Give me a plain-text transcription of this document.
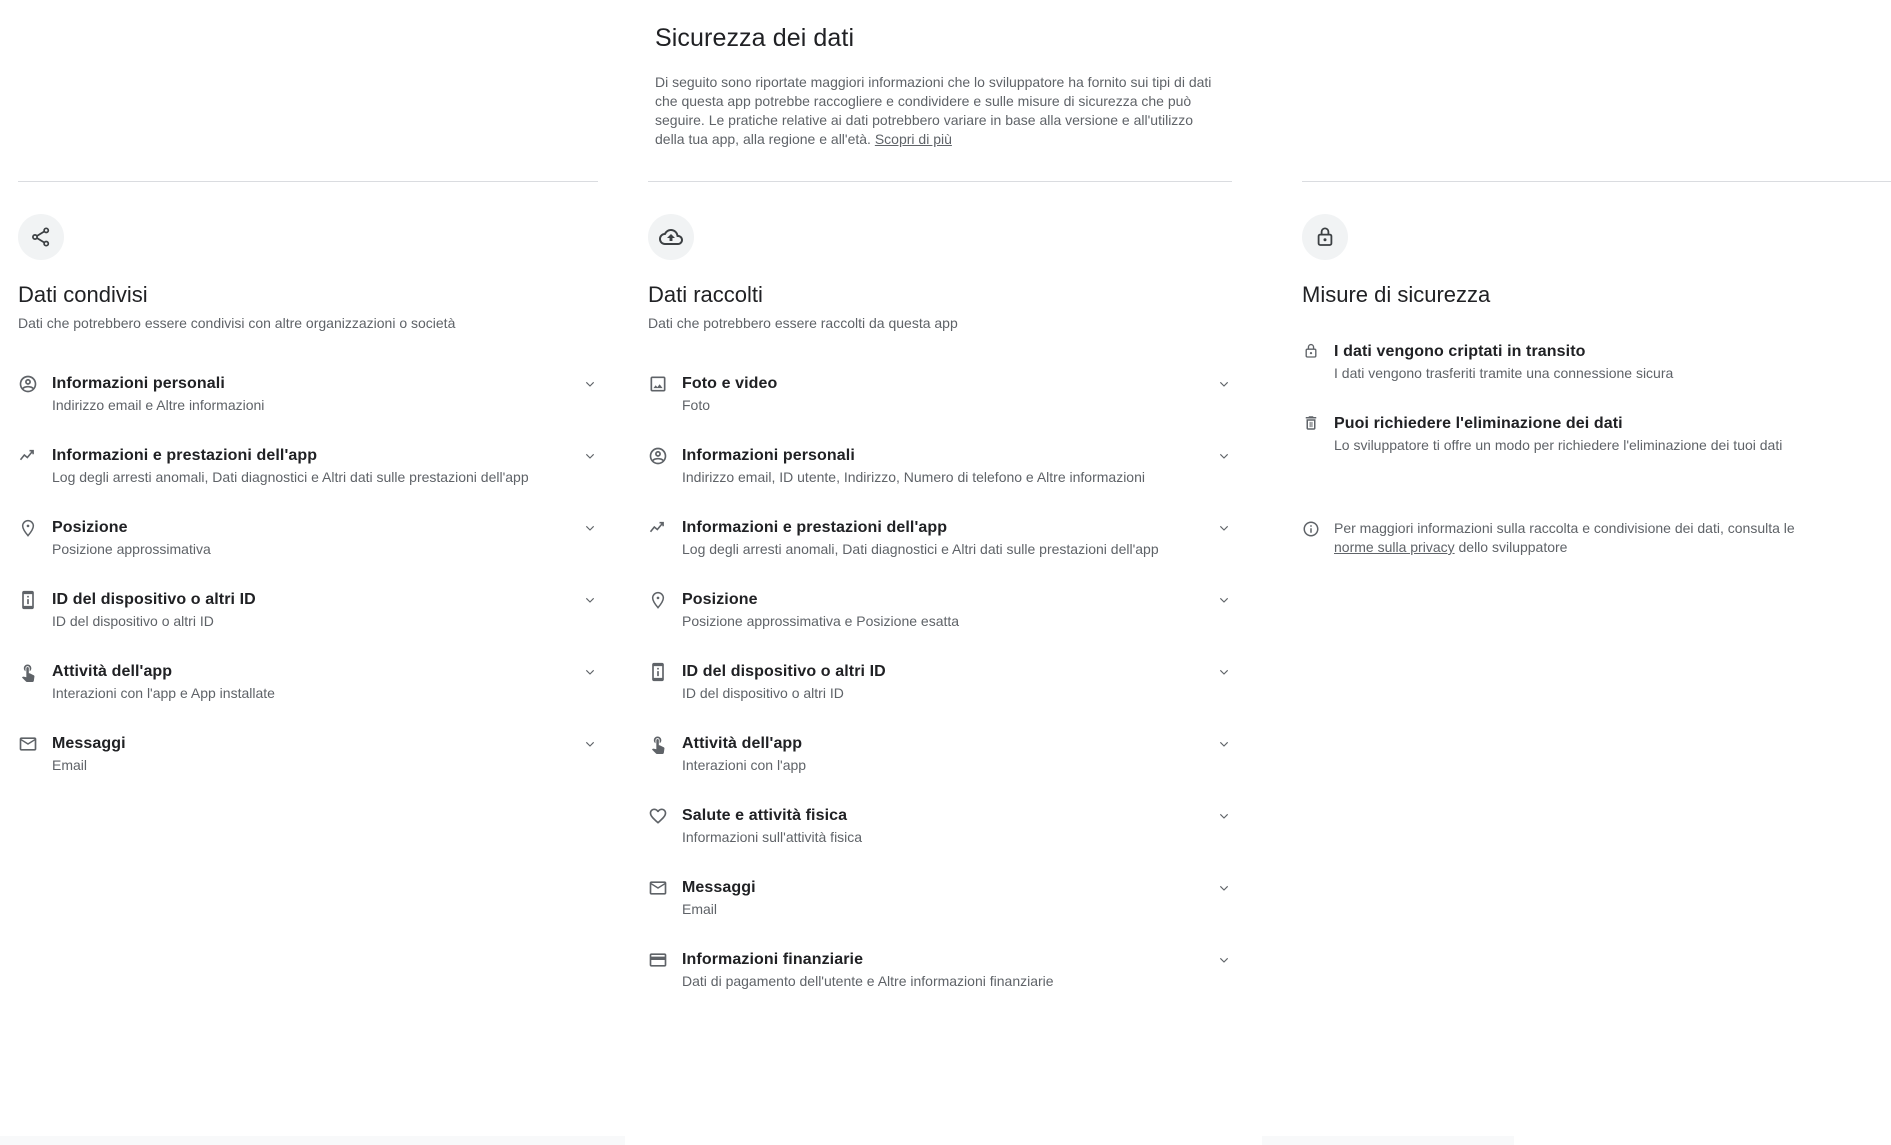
Sicurezza dei dati

Di seguito sono riportate maggiori informazioni che lo sviluppatore ha fornito sui tipi di dati che questa app potrebbe raccogliere e condividere e sulle misure di sicurezza che può seguire. Le pratiche relative ai dati potrebbero variare in base alla versione e all'utilizzo della tua app, alla regione e all'età. Scopri di più

Dati condivisi
Dati che potrebbero essere condivisi con altre organizzazioni o società
Informazioni personali
Indirizzo email e Altre informazioni
Informazioni e prestazioni dell'app
Log degli arresti anomali, Dati diagnostici e Altri dati sulle prestazioni dell'app
Posizione
Posizione approssimativa
ID del dispositivo o altri ID
ID del dispositivo o altri ID
Attività dell'app
Interazioni con l'app e App installate
Messaggi
Email
Dati raccolti
Dati che potrebbero essere raccolti da questa app
Foto e video
Foto
Informazioni personali
Indirizzo email, ID utente, Indirizzo, Numero di telefono e Altre informazioni
Informazioni e prestazioni dell'app
Log degli arresti anomali, Dati diagnostici e Altri dati sulle prestazioni dell'app
Posizione
Posizione approssimativa e Posizione esatta
ID del dispositivo o altri ID
ID del dispositivo o altri ID
Attività dell'app
Interazioni con l'app
Salute e attività fisica
Informazioni sull'attività fisica
Messaggi
Email
Informazioni finanziarie
Dati di pagamento dell'utente e Altre informazioni finanziarie
Misure di sicurezza
I dati vengono criptati in transito
I dati vengono trasferiti tramite una connessione sicura
Puoi richiedere l'eliminazione dei dati
Lo sviluppatore ti offre un modo per richiedere l'eliminazione dei tuoi dati
Per maggiori informazioni sulla raccolta e condivisione dei dati, consulta le norme sulla privacy dello sviluppatore
